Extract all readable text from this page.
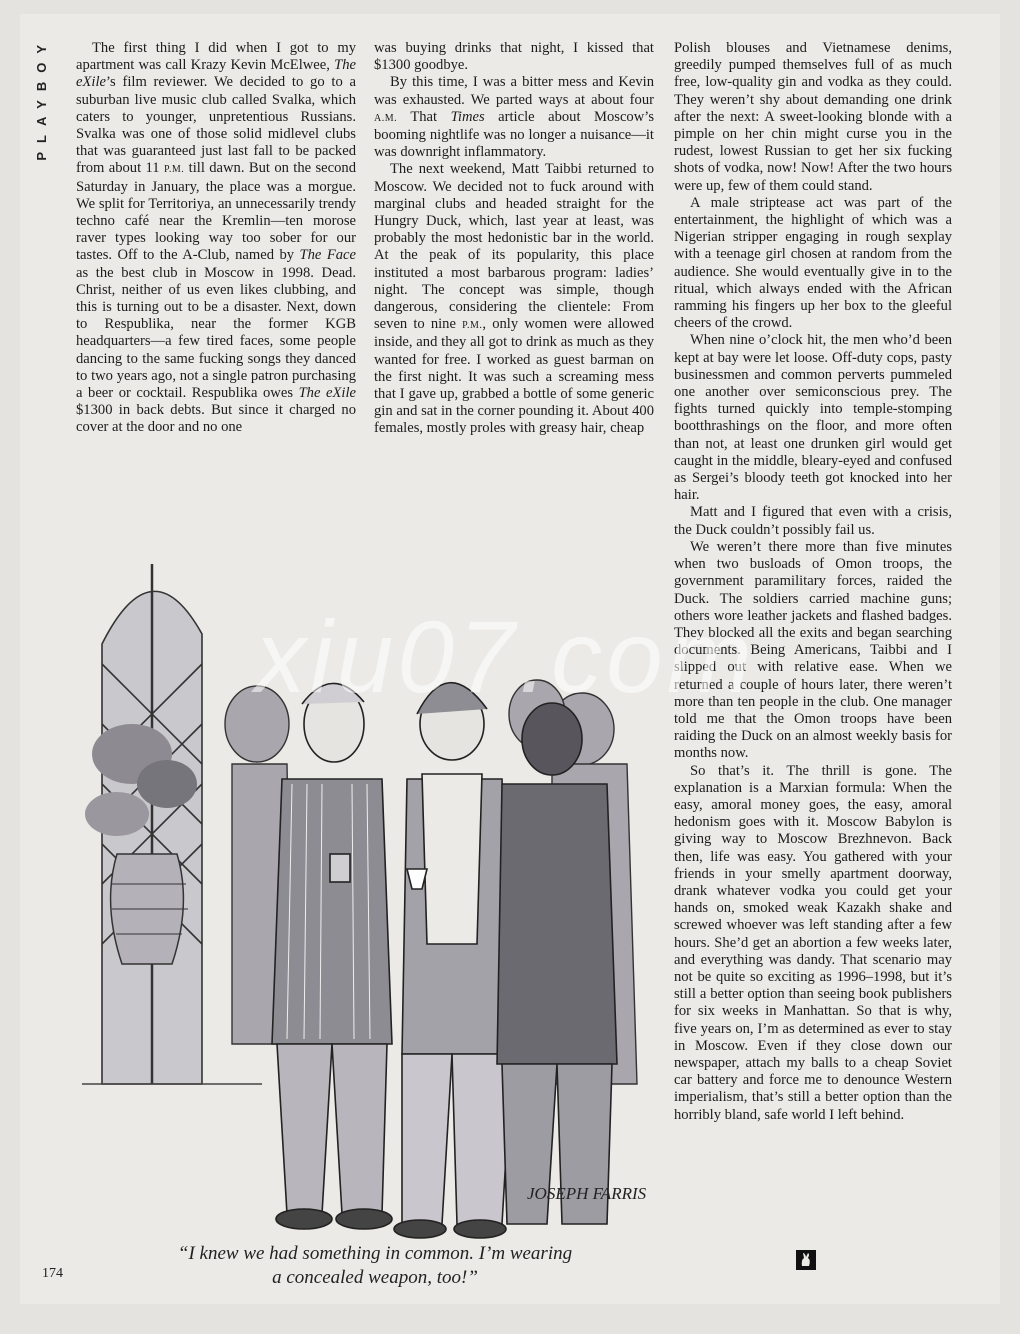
PLAYBOY	The first thing I did when I got to my apartment was call Krazy Kevin McElwee, The eXile’s film reviewer. We decided to go to a suburban live music club called Svalka, which caters to younger, unpretentious Russians. Svalka was one of those solid midlevel clubs that was guaranteed just last fall to be packed from about 11 P.M. till dawn. But on the second Saturday in January, the place was a morgue. We split for Territoriya, an unnecessarily trendy techno café near the Kremlin—ten morose raver types looking way too sober for our tastes. Off to the A-Club, named by The Face as the best club in Moscow in 1998. Dead. Christ, neither of us even likes clubbing, and this is turning out to be a disaster. Next, down to Respublika, near the former KGB headquarters—a few tired faces, some people dancing to the same fucking songs they danced to two years ago, not a single patron purchasing a beer or cocktail. Respublika owes The eXile $1300 in back debts. But since it charged no cover at the door and no one

was buying drinks that night, I kissed that $1300 goodbye.

By this time, I was a bitter mess and Kevin was exhausted. We parted ways at about four A.M. That Times article about Moscow’s booming nightlife was no longer a nuisance—it was downright inflammatory.

The next weekend, Matt Taibbi returned to Moscow. We decided not to fuck around with marginal clubs and headed straight for the Hungry Duck, which, last year at least, was probably the most hedonistic bar in the world. At the peak of its popularity, this place instituted a most barbarous program: ladies’ night. The concept was simple, though dangerous, considering the clientele: From seven to nine P.M., only women were allowed inside, and they all got to drink as much as they wanted for free. I worked as guest barman on the first night. It was such a screaming mess that I gave up, grabbed a bottle of some generic gin and sat in the corner pounding it. About 400 females, mostly proles with greasy hair, cheap

Polish blouses and Vietnamese denims, greedily pumped themselves full of as much free, low-quality gin and vodka as they could. They weren’t shy about demanding one drink after the next: A sweet-looking blonde with a pimple on her chin might curse you in the rudest, lowest Russian to get her six fucking shots of vodka, now! Now! After the two hours were up, few of them could stand.

A male striptease act was part of the entertainment, the highlight of which was a Nigerian stripper engaging in rough sexplay with a teenage girl chosen at random from the audience. She would eventually give in to the ritual, which always ended with the African ramming his fingers up her box to the gleeful cheers of the crowd.

When nine o’clock hit, the men who’d been kept at bay were let loose. Off-duty cops, pasty businessmen and common perverts pummeled one another over semiconscious prey. The fights turned quickly into temple-stomping bootthrashings on the floor, and more often than not, at least one drunken girl would get caught in the middle, bleary-eyed and confused as Sergei’s bloody teeth got knocked into her hair.

Matt and I figured that even with a crisis, the Duck couldn’t possibly fail us.

We weren’t there more than five minutes when two busloads of Omon troops, the government paramilitary forces, raided the Duck. The soldiers carried machine guns; others wore leather jackets and flashed badges. They blocked all the exits and began searching documents. Being Americans, Taibbi and I slipped out with relative ease. When we returned a couple of hours later, there weren’t more than ten people in the club. One manager told me that the Omon troops have been raiding the Duck on an almost weekly basis for months now.

So that’s it. The thrill is gone. The explanation is a Marxian formula: When the easy, amoral money goes, the easy, amoral hedonism goes with it. Moscow Babylon is giving way to Moscow Brezhnevon. Back then, life was easy. You gathered with your friends in your smelly apartment doorway, drank whatever vodka you could get your hands on, smoked weak Kazakh shake and screwed whoever was left standing after a few hours. She’d get an abortion a few weeks later, and everything was dandy. That scenario may not be quite so exciting as 1996–1998, but it’s still a better option than seeing book publishers for six weeks in Manhattan. So that is why, five years on, I’m as determined as ever to stay in Moscow. Even if they close down our newspaper, attach my balls to a cheap Soviet car battery and force me to denounce Western imperialism, that’s still a better option than the horribly bland, safe world I left behind.

JOSEPH FARRIS
xiu07.com
“I knew we had something in common. I’m wearing
a concealed weapon, too!”
174
